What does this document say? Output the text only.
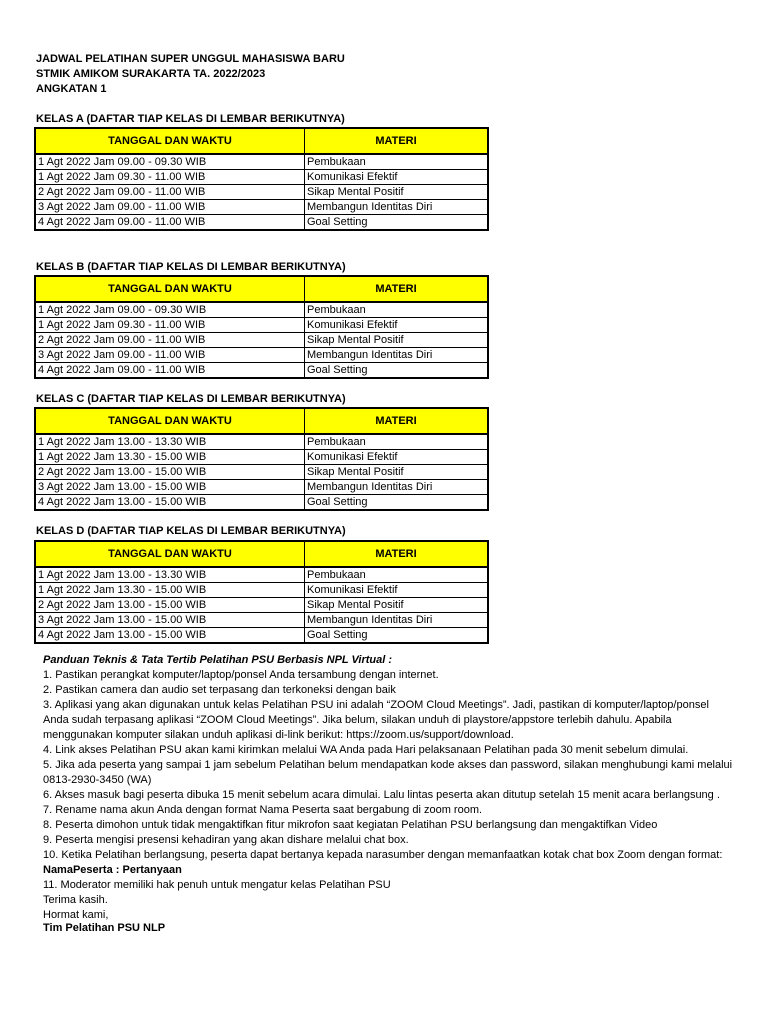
JADWAL PELATIHAN SUPER UNGGUL MAHASISWA BARU
STMIK AMIKOM SURAKARTA TA. 2022/2023
ANGKATAN 1
KELAS A (DAFTAR TIAP KELAS DI LEMBAR BERIKUTNYA)
TANGGAL DAN WAKTU	MATERI
1 Agt 2022 Jam 09.00 - 09.30 WIB	Pembukaan
1 Agt 2022 Jam 09.30 - 11.00 WIB	Komunikasi Efektif
2 Agt 2022 Jam 09.00 - 11.00 WIB	Sikap Mental Positif
3 Agt 2022 Jam 09.00 - 11.00 WIB	Membangun Identitas Diri
4 Agt 2022 Jam 09.00 - 11.00 WIB	Goal Setting
KELAS B (DAFTAR TIAP KELAS DI LEMBAR BERIKUTNYA)
TANGGAL DAN WAKTU	MATERI
1 Agt 2022 Jam 09.00 - 09.30 WIB	Pembukaan
1 Agt 2022 Jam 09.30 - 11.00 WIB	Komunikasi Efektif
2 Agt 2022 Jam 09.00 - 11.00 WIB	Sikap Mental Positif
3 Agt 2022 Jam 09.00 - 11.00 WIB	Membangun Identitas Diri
4 Agt 2022 Jam 09.00 - 11.00 WIB	Goal Setting
KELAS C (DAFTAR TIAP KELAS DI LEMBAR BERIKUTNYA)
TANGGAL DAN WAKTU	MATERI
1 Agt 2022 Jam 13.00 - 13.30 WIB	Pembukaan
1 Agt 2022 Jam 13.30 - 15.00 WIB	Komunikasi Efektif
2 Agt 2022 Jam 13.00 - 15.00 WIB	Sikap Mental Positif
3 Agt 2022 Jam 13.00 - 15.00 WIB	Membangun Identitas Diri
4 Agt 2022 Jam 13.00 - 15.00 WIB	Goal Setting
KELAS D (DAFTAR TIAP KELAS DI LEMBAR BERIKUTNYA)
TANGGAL DAN WAKTU	MATERI
1 Agt 2022 Jam 13.00 - 13.30 WIB	Pembukaan
1 Agt 2022 Jam 13.30 - 15.00 WIB	Komunikasi Efektif
2 Agt 2022 Jam 13.00 - 15.00 WIB	Sikap Mental Positif
3 Agt 2022 Jam 13.00 - 15.00 WIB	Membangun Identitas Diri
4 Agt 2022 Jam 13.00 - 15.00 WIB	Goal Setting
Panduan Teknis & Tata Tertib Pelatihan PSU Berbasis NPL Virtual :
1. Pastikan perangkat komputer/laptop/ponsel Anda tersambung dengan internet.
2. Pastikan camera dan audio set terpasang dan terkoneksi dengan baik
3. Aplikasi yang akan digunakan untuk kelas Pelatihan PSU ini adalah “ZOOM Cloud Meetings”. Jadi, pastikan di komputer/laptop/ponsel Anda sudah terpasang aplikasi “ZOOM Cloud Meetings”. Jika belum, silakan unduh di playstore/appstore terlebih dahulu. Apabila menggunakan komputer silakan unduh aplikasi di-link berikut: https://zoom.us/support/download.
4. Link akses Pelatihan PSU akan kami kirimkan melalui WA Anda pada Hari pelaksanaan Pelatihan pada 30 menit sebelum dimulai.
5. Jika ada peserta yang sampai 1 jam sebelum Pelatihan belum mendapatkan kode akses dan password, silakan menghubungi kami melalui 0813-2930-3450 (WA)
6. Akses masuk bagi peserta dibuka 15 menit sebelum acara dimulai. Lalu lintas peserta akan ditutup setelah 15 menit acara berlangsung .
7. Rename nama akun Anda dengan format Nama Peserta saat bergabung di zoom room.
8. Peserta dimohon untuk tidak mengaktifkan fitur mikrofon saat kegiatan Pelatihan PSU berlangsung dan mengaktifkan Video
9. Peserta mengisi presensi kehadiran yang akan dishare melalui chat box.
10. Ketika Pelatihan berlangsung, peserta dapat bertanya kepada narasumber dengan memanfaatkan kotak chat box Zoom dengan format: NamaPeserta : Pertanyaan
11. Moderator memiliki hak penuh untuk mengatur kelas Pelatihan PSU
Terima kasih.
Hormat kami,
Tim Pelatihan PSU NLP
